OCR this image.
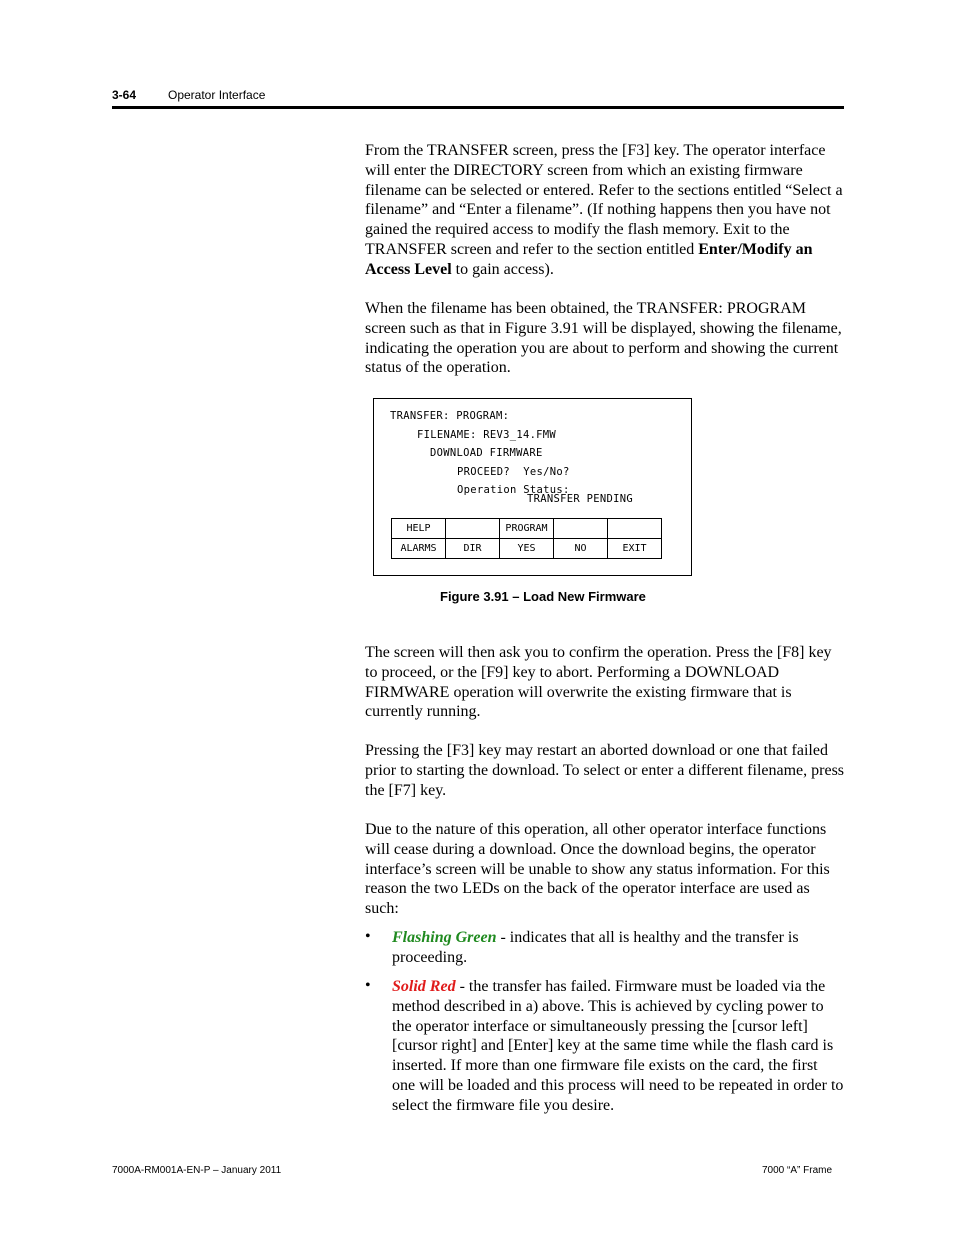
3-64	Operator Interface

From the TRANSFER screen, press the [F3] key. The operator interface will enter the DIRECTORY screen from which an existing firmware filename can be selected or entered. Refer to the sections entitled “Select a filename” and “Enter a filename”. (If nothing happens then you have not gained the required access to modify the flash memory. Exit to the TRANSFER screen and refer to the section entitled Enter/Modify an Access Level to gain access).

When the filename has been obtained, the TRANSFER: PROGRAM screen such as that in Figure 3.91 will be displayed, showing the filename, indicating the operation you are about to perform and showing the current status of the operation.

TRANSFER: PROGRAM:
FILENAME: REV3_14.FMW
DOWNLOAD FIRMWARE
PROCEED?  Yes/No?
Operation Status:
TRANSFER PENDING
HELP		PROGRAM		
ALARMS	DIR	YES	NO	EXIT
Figure 3.91 – Load New Firmware

The screen will then ask you to confirm the operation. Press the [F8] key to proceed, or the [F9] key to abort. Performing a DOWNLOAD FIRMWARE operation will overwrite the existing firmware that is currently running.

Pressing the [F3] key may restart an aborted download or one that failed prior to starting the download. To select or enter a different filename, press the [F7] key.

Due to the nature of this operation, all other operator interface functions will cease during a download. Once the download begins, the operator interface’s screen will be unable to show any status information. For this reason the two LEDs on the back of the operator interface are used as such:

• Flashing Green - indicates that all is healthy and the transfer is proceeding.

• Solid Red - the transfer has failed. Firmware must be loaded via the method described in a) above. This is achieved by cycling power to the operator interface or simultaneously pressing the [cursor left] [cursor right] and [Enter] key at the same time while the flash card is inserted. If more than one firmware file exists on the card, the first one will be loaded and this process will need to be repeated in order to select the firmware file you desire.

7000A-RM001A-EN-P – January 2011	7000 “A” Frame
